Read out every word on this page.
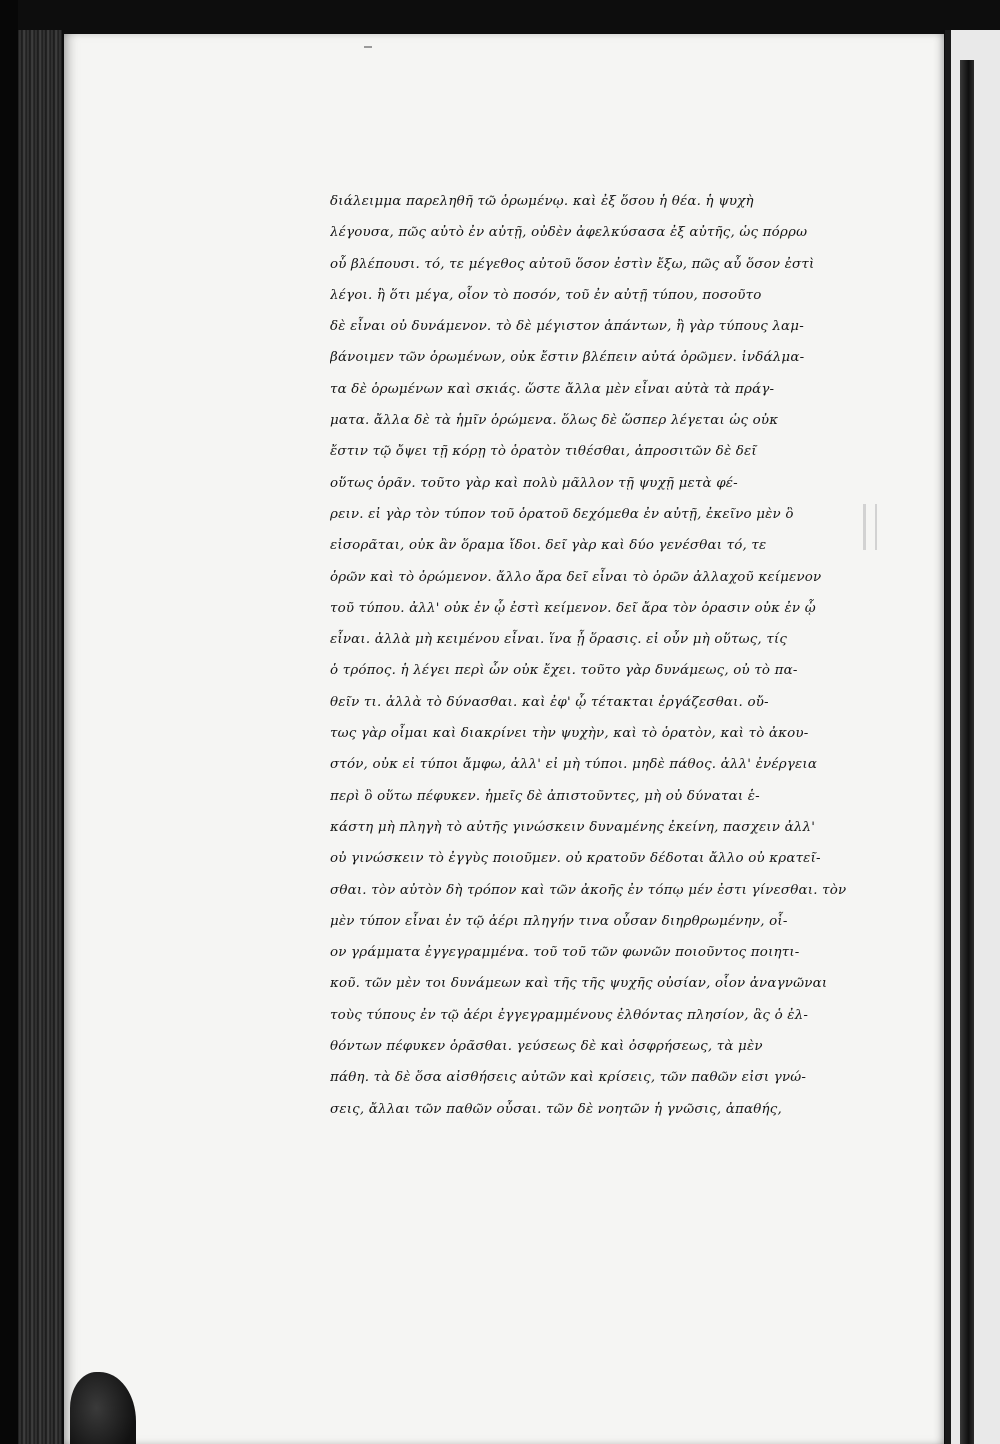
διάλειμμα παρεληθῆ τῶ ὁρωμένῳ. καὶ ἐξ ὅσου ἡ θέα. ἡ ψυχὴ
λέγουσα, πῶς αὐτὸ ἐν αὐτῇ, οὐδὲν ἀφελκύσασα ἐξ αὐτῆς, ὡς πόρρω
οὗ βλέπουσι. τό, τε μέγεθος αὐτοῦ ὅσον ἐστὶν ἔξω, πῶς αὖ ὅσον ἐστὶ
λέγοι. ἢ ὅτι μέγα, οἷον τὸ ποσόν, τοῦ ἐν αὐτῇ τύπου, ποσοῦτο
δὲ εἶναι οὐ δυνάμενον. τὸ δὲ μέγιστον ἁπάντων, ἢ γὰρ τύπους λαμ-
βάνοιμεν τῶν ὁρωμένων, οὐκ ἔστιν βλέπειν αὐτά ὁρῶμεν. ἰνδάλμα-
τα δὲ ὁρωμένων καὶ σκιάς. ὥστε ἄλλα μὲν εἶναι αὐτὰ τὰ πράγ-
ματα. ἄλλα δὲ τὰ ἡμῖν ὁρώμενα. ὅλως δὲ ὥσπερ λέγεται ὡς οὐκ
ἔστιν τῷ ὄψει τῇ κόρῃ τὸ ὁρατὸν τιθέσθαι, ἀπροσιτῶν δὲ δεῖ
οὕτως ὁρᾶν. τοῦτο γὰρ καὶ πολὺ μᾶλλον τῇ ψυχῇ μετὰ φέ-
ρειν. εἰ γὰρ τὸν τύπον τοῦ ὁρατοῦ δεχόμεθα ἐν αὐτῇ, ἐκεῖνο μὲν ὃ
εἰσορᾶται, οὐκ ἂν ὅραμα ἴδοι. δεῖ γὰρ καὶ δύο γενέσθαι τό, τε
ὁρῶν καὶ τὸ ὁρώμενον. ἄλλο ἄρα δεῖ εἶναι τὸ ὁρῶν ἀλλαχοῦ κείμενον
τοῦ τύπου. ἀλλ' οὐκ ἐν ᾧ ἐστὶ κείμενον. δεῖ ἄρα τὸν ὁρασιν οὐκ ἐν ᾧ
εἶναι. ἀλλὰ μὴ κειμένου εἶναι. ἵνα ᾖ ὅρασις. εἰ οὖν μὴ οὕτως, τίς
ὁ τρόπος. ἡ λέγει περὶ ὧν οὐκ ἔχει. τοῦτο γὰρ δυνάμεως, οὐ τὸ πα-
θεῖν τι. ἀλλὰ τὸ δύνασθαι. καὶ ἐφ' ᾧ τέτακται ἐργάζεσθαι. οὔ-
τως γὰρ οἶμαι καὶ διακρίνει τὴν ψυχὴν, καὶ τὸ ὁρατὸν, καὶ τὸ ἀκου-
στόν, οὐκ εἰ τύποι ἄμφω, ἀλλ' εἰ μὴ τύποι. μηδὲ πάθος. ἀλλ' ἐνέργεια
περὶ ὃ οὕτω πέφυκεν. ἡμεῖς δὲ ἀπιστοῦντες, μὴ οὐ δύναται ἑ-
κάστη μὴ πληγὴ τὸ αὐτῆς γινώσκειν δυναμένης ἐκείνη, πασχειν ἀλλ'
οὐ γινώσκειν τὸ ἐγγὺς ποιοῦμεν. οὐ κρατοῦν δέδοται ἄλλο οὐ κρατεῖ-
σθαι. τὸν αὐτὸν δὴ τρόπον καὶ τῶν ἀκοῆς ἐν τόπῳ μέν ἐστι γίνεσθαι. τὸν
μὲν τύπον εἶναι ἐν τῷ ἀέρι πληγήν τινα οὖσαν διηρθρωμένην, οἷ-
ον γράμματα ἐγγεγραμμένα. τοῦ τοῦ τῶν φωνῶν ποιοῦντος ποιητι-
κοῦ. τῶν μὲν τοι δυνάμεων καὶ τῆς τῆς ψυχῆς οὐσίαν, οἷον ἀναγνῶναι
τοὺς τύπους ἐν τῷ ἀέρι ἐγγεγραμμένους ἐλθόντας πλησίον, ἃς ὁ ἐλ-
θόντων πέφυκεν ὁρᾶσθαι. γεύσεως δὲ καὶ ὀσφρήσεως, τὰ μὲν
πάθη. τὰ δὲ ὅσα αἰσθήσεις αὐτῶν καὶ κρίσεις, τῶν παθῶν εἰσι γνώ-
σεις, ἄλλαι τῶν παθῶν οὖσαι. τῶν δὲ νοητῶν ἡ γνῶσις, ἀπαθής,
